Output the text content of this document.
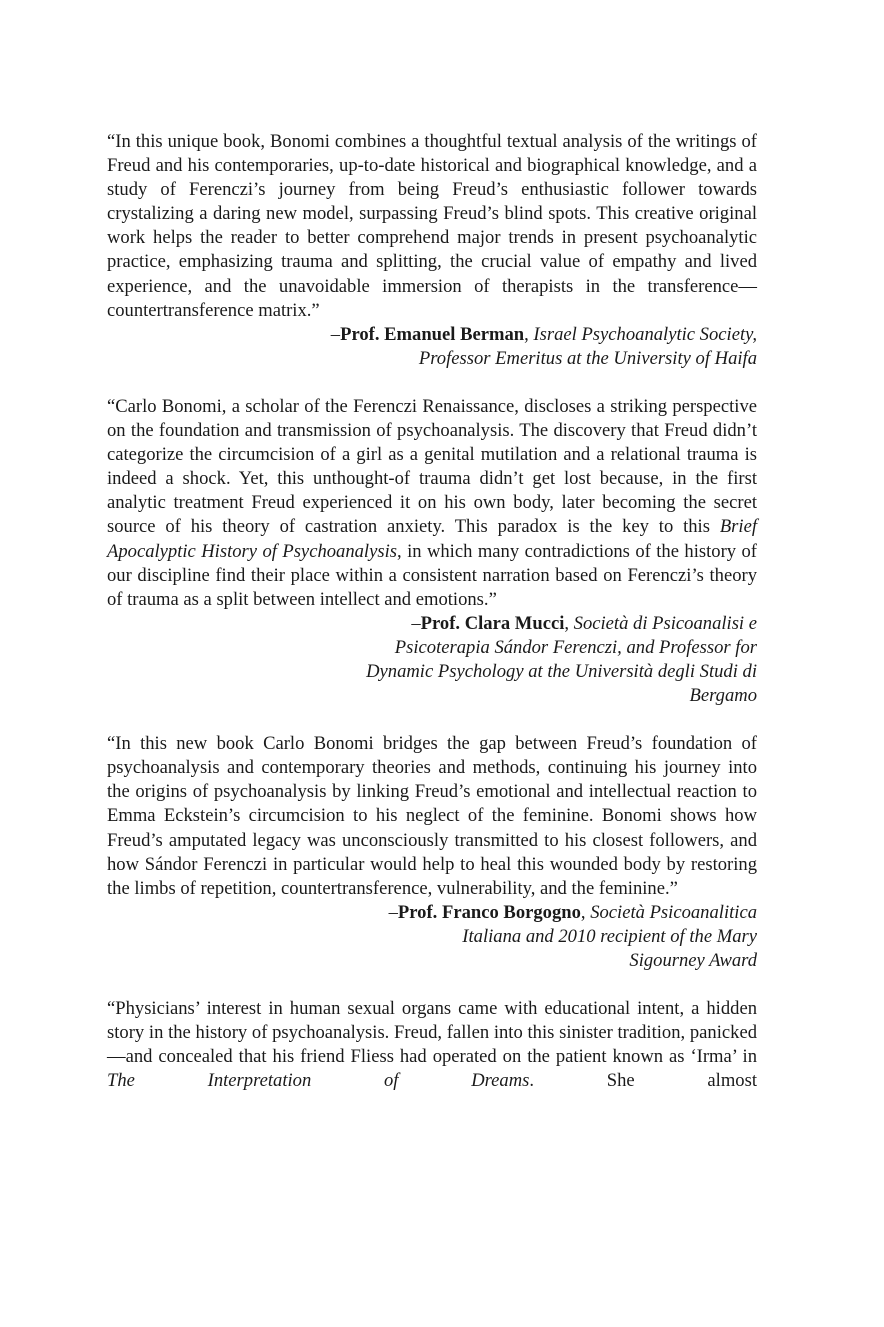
“In this unique book, Bonomi combines a thoughtful textual analysis of the writings of Freud and his contemporaries, up-to-date historical and biographical knowledge, and a study of Ferenczi’s journey from being Freud’s enthusiastic follower towards crystalizing a daring new model, surpassing Freud’s blind spots. This creative original work helps the reader to better comprehend major trends in present psychoanalytic practice, emphasizing trauma and splitting, the crucial value of empathy and lived experience, and the unavoidable immersion of therapists in the transference—countertransference matrix.”

–Prof. Emanuel Berman, Israel Psychoanalytic Society,
Professor Emeritus at the University of Haifa

“Carlo Bonomi, a scholar of the Ferenczi Renaissance, discloses a striking perspective on the foundation and transmission of psychoanalysis. The discovery that Freud didn’t categorize the circumcision of a girl as a genital mutilation and a relational trauma is indeed a shock. Yet, this unthought-of trauma didn’t get lost because, in the first analytic treatment Freud experienced it on his own body, later becoming the secret source of his theory of castration anxiety. This paradox is the key to this Brief Apocalyptic History of Psychoanalysis, in which many contradictions of the history of our discipline find their place within a consistent narration based on Ferenczi’s theory of trauma as a split between intellect and emotions.”

–Prof. Clara Mucci, Società di Psicoanalisi e
Psicoterapia Sándor Ferenczi, and Professor for
Dynamic Psychology at the Università degli Studi di
Bergamo

“In this new book Carlo Bonomi bridges the gap between Freud’s foundation of psychoanalysis and contemporary theories and methods, continuing his journey into the origins of psychoanalysis by linking Freud’s emotional and intellectual reaction to Emma Eckstein’s circumcision to his neglect of the feminine. Bonomi shows how Freud’s amputated legacy was unconsciously transmitted to his closest followers, and how Sándor Ferenczi in particular would help to heal this wounded body by restoring the limbs of repetition, countertransference, vulnerability, and the feminine.”

–Prof. Franco Borgogno, Società Psicoanalitica
Italiana and 2010 recipient of the Mary
Sigourney Award

“Physicians’ interest in human sexual organs came with educational intent, a hidden story in the history of psychoanalysis. Freud, fallen into this sinister tradition, panicked—and concealed that his friend Fliess had operated on the patient known as ‘Irma’ in The Interpretation of Dreams. She almost
